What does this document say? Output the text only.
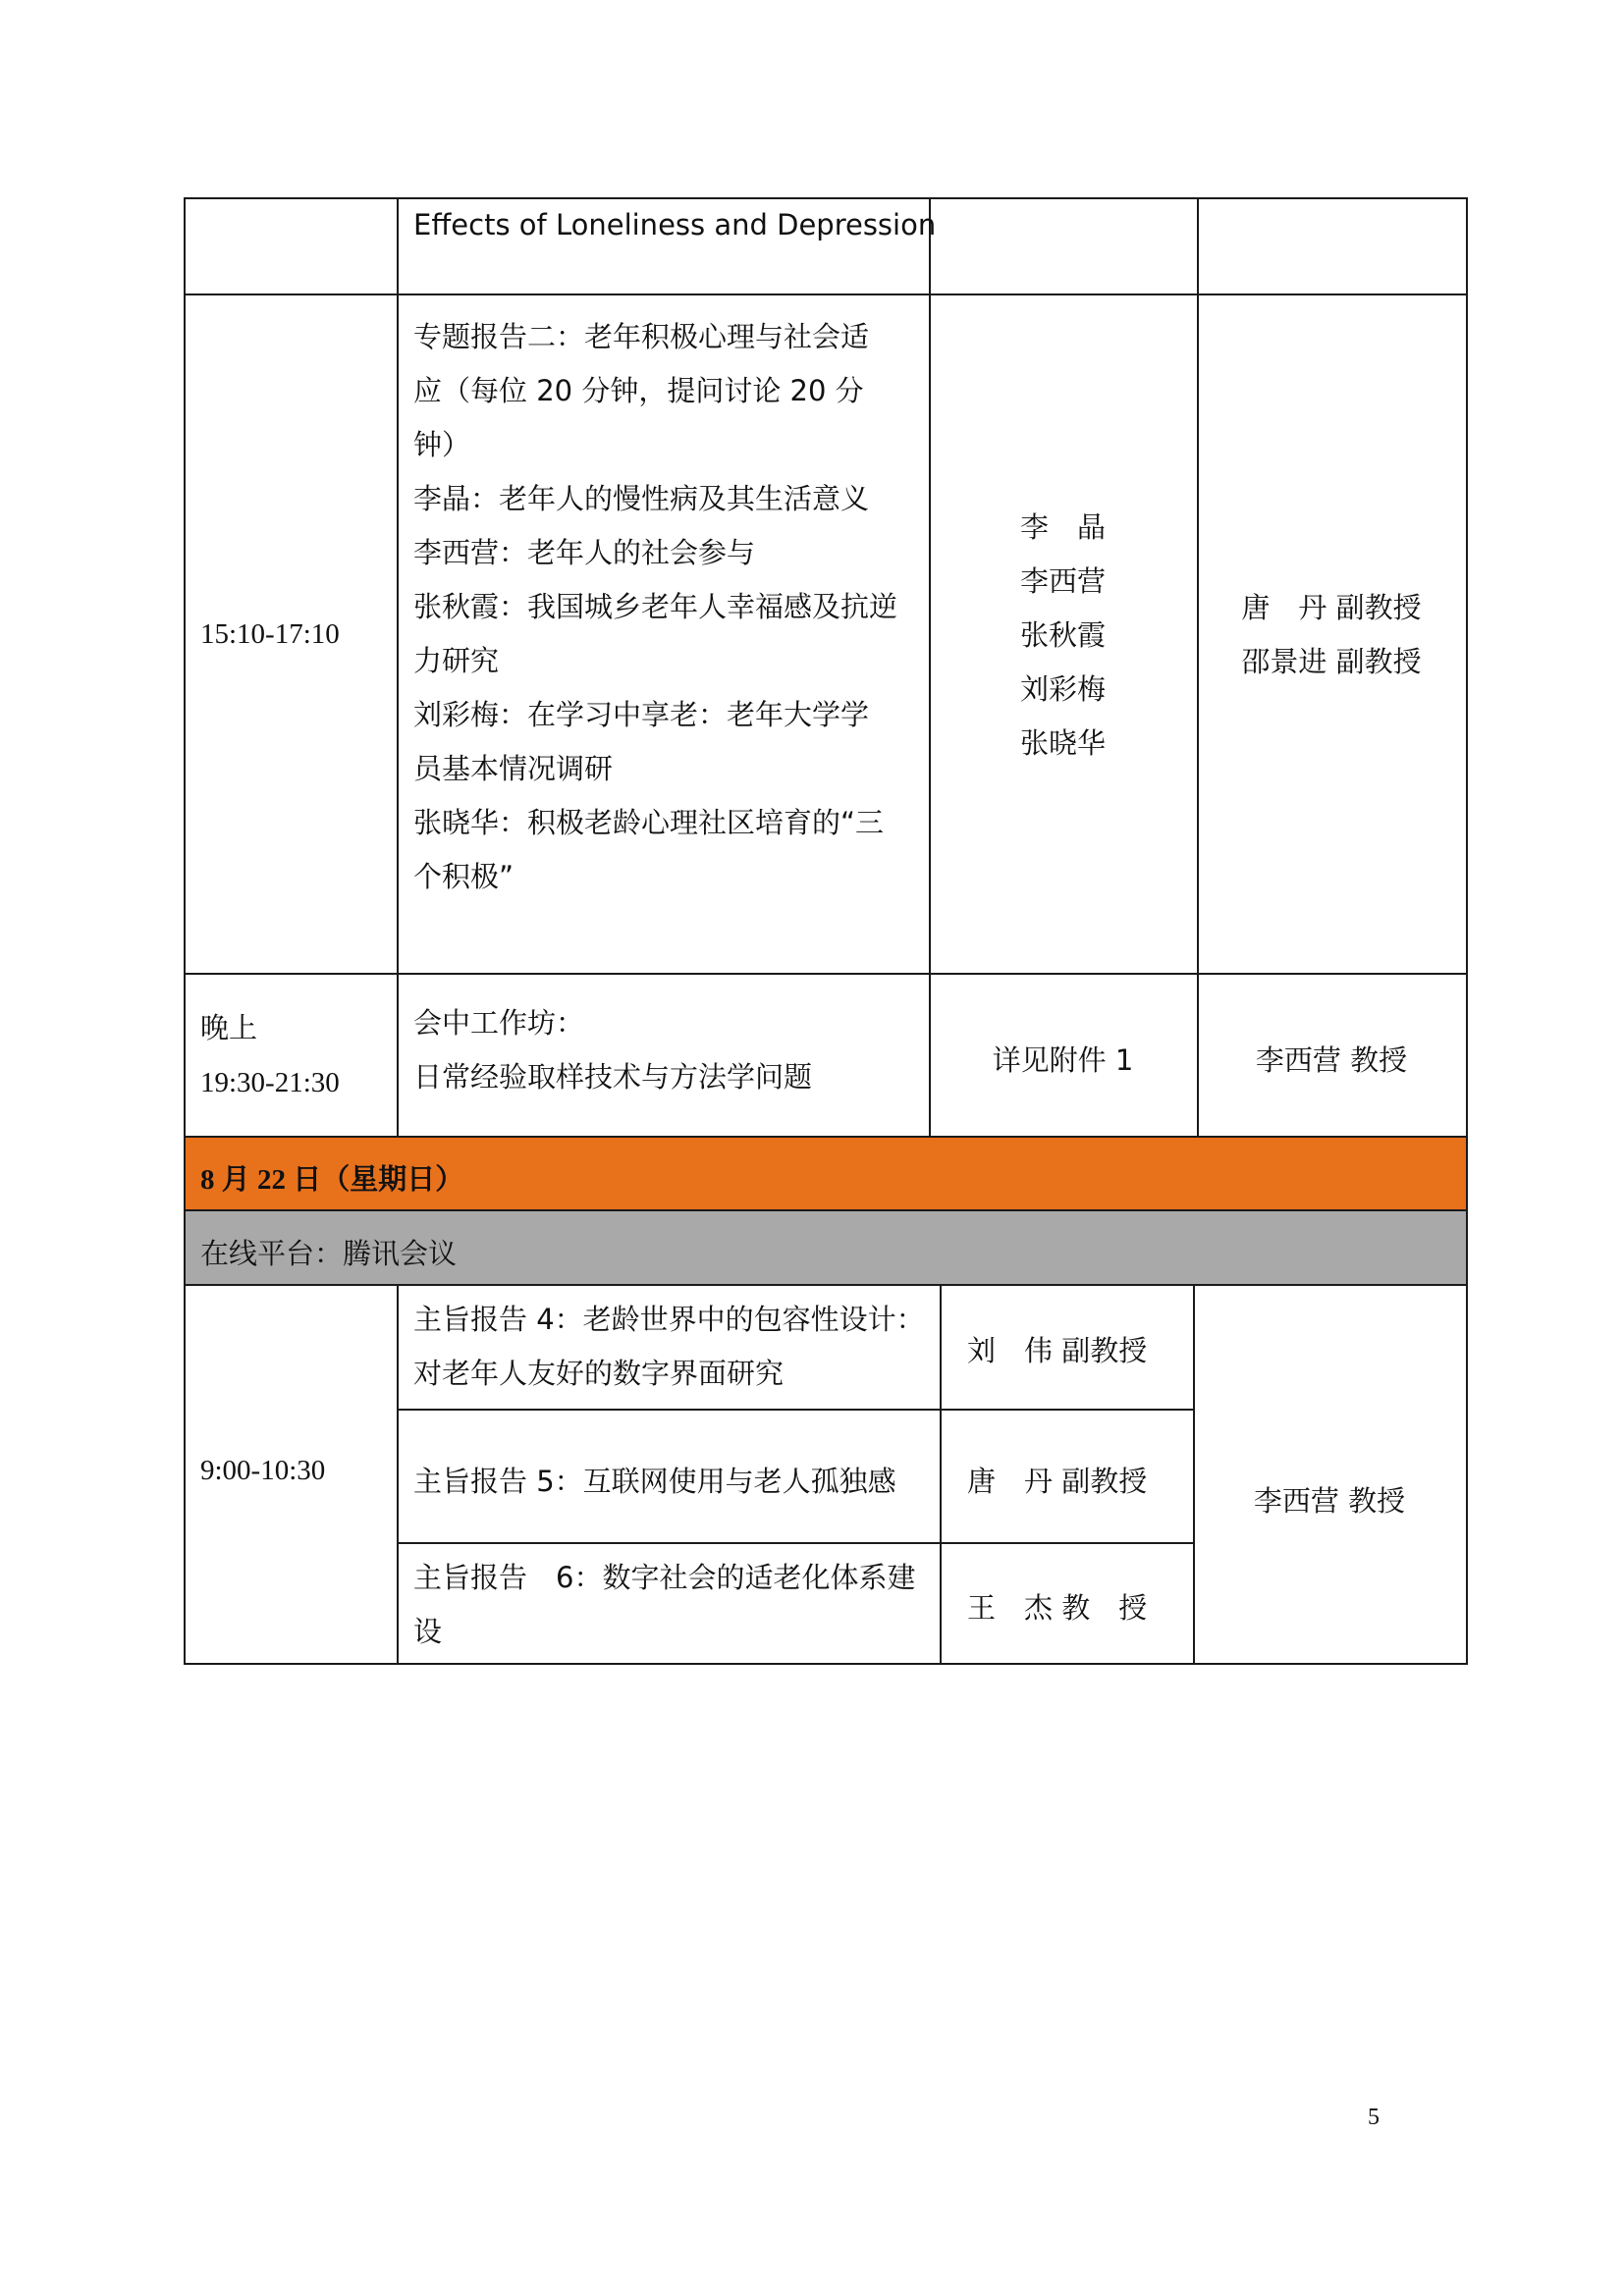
Effects of Loneliness and Depression
15:10-17:10
专题报告二：老年积极心理与社会适
应（每位 20 分钟，提问讨论 20 分
钟）
李晶：老年人的慢性病及其生活意义
李西营：老年人的社会参与
张秋霞：我国城乡老年人幸福感及抗逆
力研究
刘彩梅：在学习中享老：老年大学学
员基本情况调研
张晓华：积极老龄心理社区培育的“三
个积极”
李　晶
李西营
张秋霞
刘彩梅
张晓华
唐　丹 副教授
邵景进 副教授
晚上
19:30-21:30
会中工作坊：
日常经验取样技术与方法学问题	详见附件 1	李西营 教授
8 月 22 日（星期日）
在线平台：腾讯会议
9:00-10:30
主旨报告 4：老龄世界中的包容性设计：
对老年人友好的数字界面研究
刘　伟 副教授
主旨报告 5：互联网使用与老人孤独感 唐　丹 副教授
主旨报告　6：数字社会的适老化体系建
设
王　杰 教　授
李西营 教授
5
